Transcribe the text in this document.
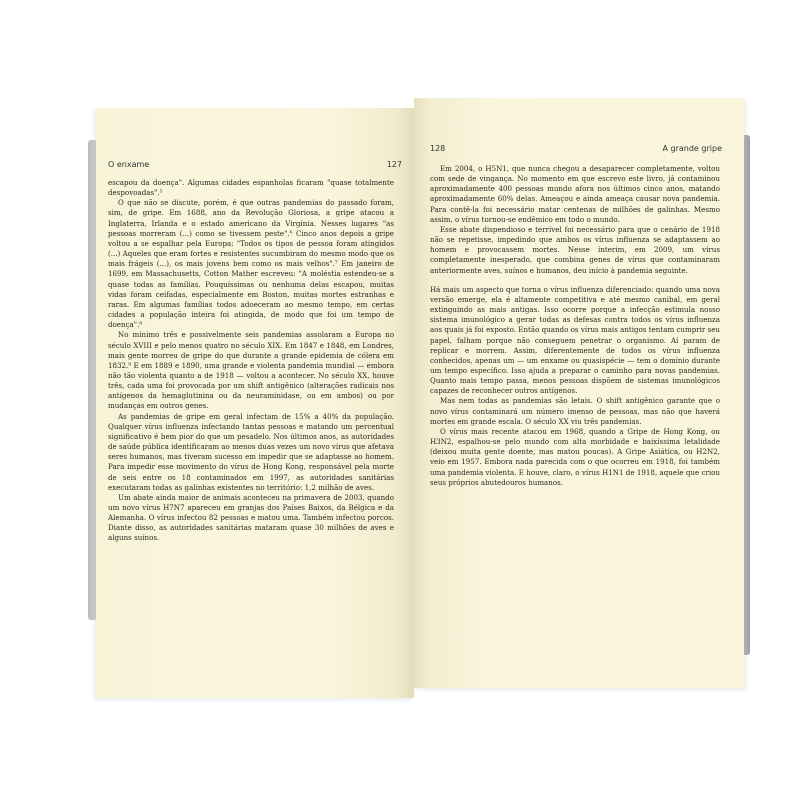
O enxame	127

escapou da doença". Algumas cidades espanholas ficaram "quase totalmente despovoadas".⁵

O que não se discute, porém, é que outras pandemias do passado foram, sim, de gripe. Em 1688, ano da Revolução Gloriosa, a gripe atacou a Inglaterra, Irlanda e o estado americano da Virgínia. Nesses lugares "as pessoas morreram (...) como se tivessem peste".⁶ Cinco anos depois a gripe voltou a se espalhar pela Europa: "Todos os tipos de pessoa foram atingidos (...) Aqueles que eram fortes e resistentes sucumbiram do mesmo modo que os mais frágeis (...), os mais jovens bem como os mais velhos".⁷ Em janeiro de 1699, em Massachusetts, Cotton Mather escreveu: "A moléstia estendeu-se a quase todas as famílias. Pouquíssimas ou nenhuma delas escapou, muitas vidas foram ceifadas, especialmente em Boston, muitas mortes estranhas e raras. Em algumas famílias todos adoeceram ao mesmo tempo, em certas cidades a população inteira foi atingida, de modo que foi um tempo de doença".⁸

No mínimo três e possivelmente seis pandemias assolaram a Europa no século XVIII e pelo menos quatro no século XIX. Em 1847 e 1848, em Londres, mais gente morreu de gripe do que durante a grande epidemia de cólera em 1832.⁹ E em 1889 e 1890, uma grande e violenta pandemia mundial — embora não tão violenta quanto a de 1918 — voltou a acontecer. No século XX, houve três, cada uma foi provocada por um shift antigênico (alterações radicais nos antígenos da hemaglutinina ou da neuraminidase, ou em ambos) ou por mudanças em outros genes.

As pandemias de gripe em geral infectam de 15% a 40% da população. Qualquer vírus influenza infectando tantas pessoas e matando um percentual significativo é bem pior do que um pesadelo. Nos últimos anos, as autoridades de saúde pública identificaram ao menos duas vezes um novo vírus que afetava seres humanos, mas tiveram sucesso em impedir que se adaptasse ao homem. Para impedir esse movimento do vírus de Hong Kong, responsável pela morte de seis entre os 18 contaminados em 1997, as autoridades sanitárias executaram todas as galinhas existentes no território: 1,2 milhão de aves.

Um abate ainda maior de animais aconteceu na primavera de 2003, quando um novo vírus H7N7 apareceu em granjas dos Países Baixos, da Bélgica e da Alemanha. O vírus infectou 82 pessoas e matou uma. Também infectou porcos. Diante disso, as autoridades sanitárias mataram quase 30 milhões de aves e alguns suínos.

128	A grande gripe

Em 2004, o H5N1, que nunca chegou a desaparecer completamente, voltou com sede de vingança. No momento em que escrevo este livro, já contaminou aproximadamente 400 pessoas mundo afora nos últimos cinco anos, matando aproximadamente 60% delas. Ameaçou e ainda ameaça causar nova pandemia. Para contê-la foi necessário matar centenas de milhões de galinhas. Mesmo assim, o vírus tornou-se endêmico em todo o mundo.

Esse abate dispendioso e terrível foi necessário para que o cenário de 1918 não se repetisse, impedindo que ambos os vírus influenza se adaptassem ao homem e provocassem mortes. Nesse ínterim, em 2009, um vírus completamente inesperado, que combina genes de vírus que contaminaram anteriormente aves, suínos e humanos, deu início à pandemia seguinte.

Há mais um aspecto que torna o vírus influenza diferenciado: quando uma nova versão emerge, ela é altamente competitiva e até mesmo canibal, em geral extinguindo as mais antigas. Isso ocorre porque a infecção estimula nosso sistema imunológico a gerar todas as defesas contra todos os vírus influenza aos quais já foi exposto. Então quando os vírus mais antigos tentam cumprir seu papel, falham porque não conseguem penetrar o organismo. Aí param de replicar e morrem. Assim, diferentemente de todos os vírus influenza conhecidos, apenas um — um enxame ou quasispécie — tem o domínio durante um tempo específico. Isso ajuda a preparar o caminho para novas pandemias. Quanto mais tempo passa, menos pessoas dispõem de sistemas imunológicos capazes de reconhecer outros antígenos.

Mas nem todas as pandemias são letais. O shift antigênico garante que o novo vírus contaminará um número imenso de pessoas, mas não que haverá mortes em grande escala. O século XX viu três pandemias.

O vírus mais recente atacou em 1968, quando a Gripe de Hong Kong, ou H3N2, espalhou-se pelo mundo com alta morbidade e baixíssima letalidade (deixou muita gente doente, mas matou poucas). A Gripe Asiática, ou H2N2, veio em 1957. Embora nada parecida com o que ocorreu em 1918, foi também uma pandemia violenta. E houve, claro, o vírus H1N1 de 1918, aquele que criou seus próprios abutedouros humanos.
